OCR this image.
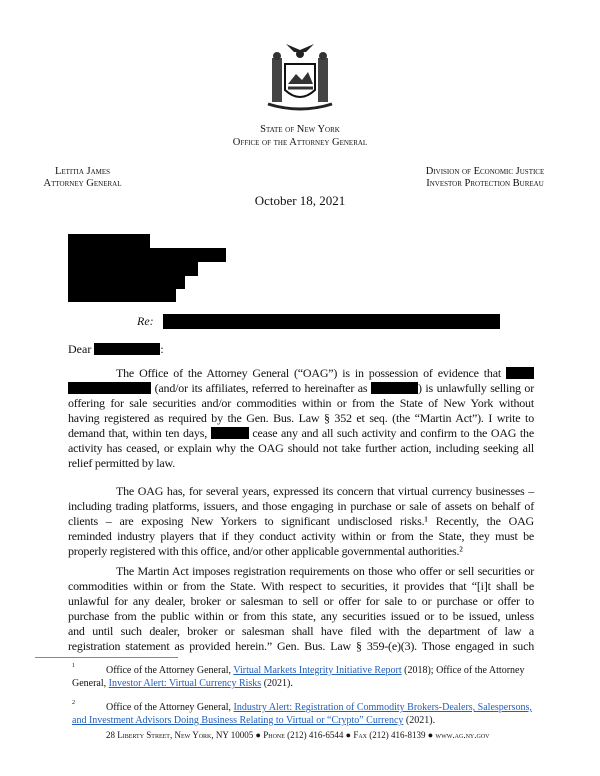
State of New York
Office of the Attorney General
Letitia James
Attorney General
Division of Economic Justice
Investor Protection Bureau
October 18, 2021
Re:
Dear	:
The Office of the Attorney General (“OAG”) is in possession of evidence that
(and/or its affiliates, referred to hereinafter as	) is unlawfully selling or
offering for sale securities and/or commodities within or from the State of New York without
having registered as required by the Gen. Bus. Law § 352 et seq. (the “Martin Act”). I write to
demand that, within ten days,	cease any and all such activity and confirm to the OAG the
activity has ceased, or explain why the OAG should not take further action, including seeking all
relief permitted by law.
The OAG has, for several years, expressed its concern that virtual currency businesses –
including trading platforms, issuers, and those engaging in purchase or sale of assets on behalf of
clients – are exposing New Yorkers to significant undisclosed risks.¹ Recently, the OAG
reminded industry players that if they conduct activity within or from the State, they must be
properly registered with this office, and/or other applicable governmental authorities.²
The Martin Act imposes registration requirements on those who offer or sell securities or
commodities within or from the State. With respect to securities, it provides that “[i]t shall be
unlawful for any dealer, broker or salesman to sell or offer for sale to or purchase or offer to
purchase from the public within or from this state, any securities issued or to be issued, unless
and until such dealer, broker or salesman shall have filed with the department of law a
registration statement as provided herein.” Gen. Bus. Law § 359-(e)(3). Those engaged in such
1	Office of the Attorney General, Virtual Markets Integrity Initiative Report (2018); Office of the Attorney
General, Investor Alert: Virtual Currency Risks (2021).
2	Office of the Attorney General, Industry Alert: Registration of Commodity Brokers-Dealers, Salespersons,
and Investment Advisors Doing Business Relating to Virtual or “Crypto” Currency (2021).
28 Liberty Street, New York, NY 10005 ● Phone (212) 416-6544 ● Fax (212) 416-8139 ● www.ag.ny.gov
